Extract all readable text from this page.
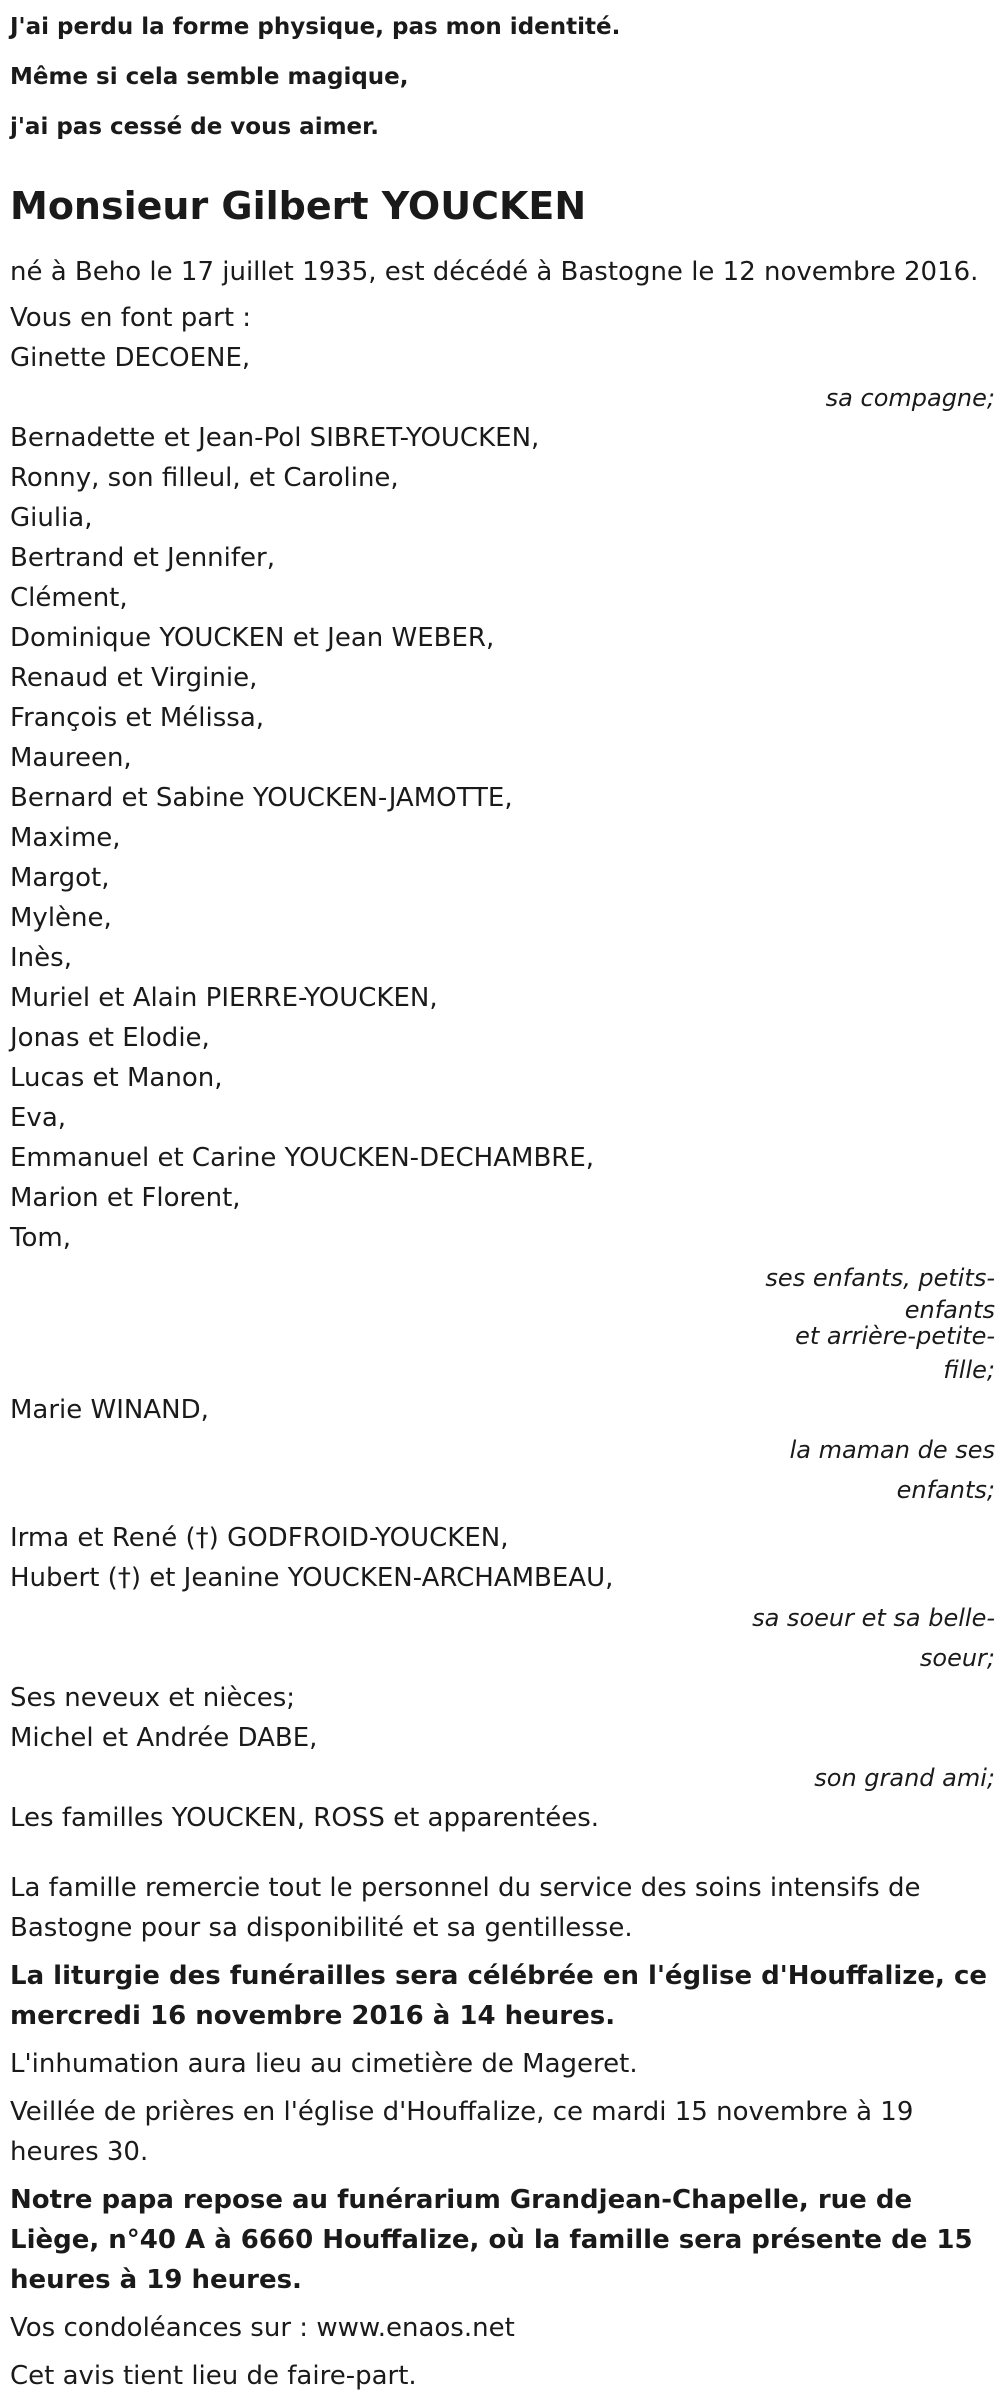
J'ai perdu la forme physique, pas mon identité.
Même si cela semble magique,
j'ai pas cessé de vous aimer.
Monsieur Gilbert YOUCKEN
né à Beho le 17 juillet 1935, est décédé à Bastogne le 12 novembre 2016.
Vous en font part :
Ginette DECOENE,
sa compagne;
Bernadette et Jean-Pol SIBRET-YOUCKEN,
Ronny, son filleul, et Caroline,
Giulia,
Bertrand et Jennifer,
Clément,
Dominique YOUCKEN et Jean WEBER,
Renaud et Virginie,
François et Mélissa,
Maureen,
Bernard et Sabine YOUCKEN-JAMOTTE,
Maxime,
Margot,
Mylène,
Inès,
Muriel et Alain PIERRE-YOUCKEN,
Jonas et Elodie,
Lucas et Manon,
Eva,
Emmanuel et Carine YOUCKEN-DECHAMBRE,
Marion et Florent,
Tom,
ses enfants, petits-
enfants
et arrière-petite-
fille;
Marie WINAND,
la maman de ses
enfants;
Irma et René (†) GODFROID-YOUCKEN,
Hubert (†) et Jeanine YOUCKEN-ARCHAMBEAU,
sa soeur et sa belle-
soeur;
Ses neveux et nièces;
Michel et Andrée DABE,
son grand ami;
Les familles YOUCKEN, ROSS et apparentées.
La famille remercie tout le personnel du service des soins intensifs de Bastogne pour sa disponibilité et sa gentillesse.
La liturgie des funérailles sera célébrée en l'église d'Houffalize, ce mercredi 16 novembre 2016 à 14 heures.
L'inhumation aura lieu au cimetière de Mageret.
Veillée de prières en l'église d'Houffalize, ce mardi 15 novembre à 19 heures 30.
Notre papa repose au funérarium Grandjean-Chapelle, rue de Liège, n°40 A à 6660 Houffalize, où la famille sera présente de 15 heures à 19 heures.
Vos condoléances sur : www.enaos.net
Cet avis tient lieu de faire-part.
